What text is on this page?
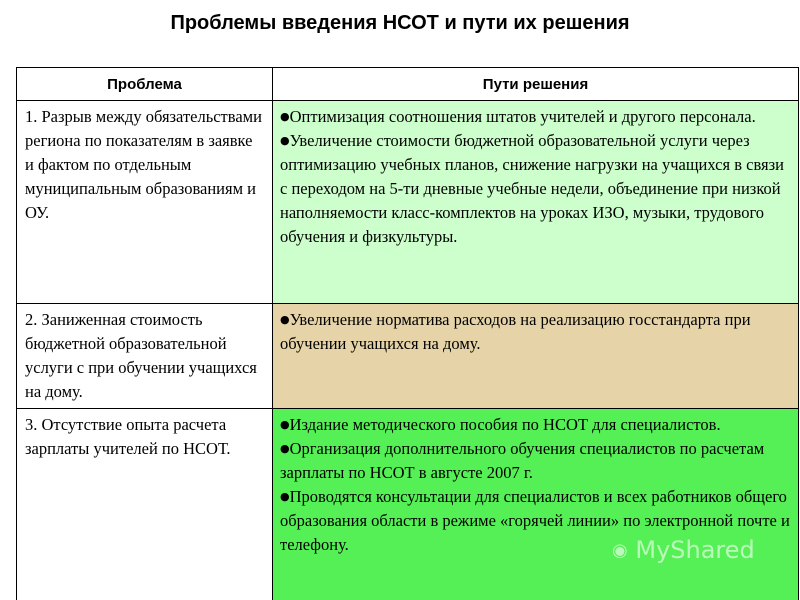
Проблемы введения НСОТ и пути их решения
Проблема	Пути решения
1. Разрыв между обязательствами региона по показателям в заявке и фактом по отдельным муниципальным образованиям и ОУ.	●Оптимизация соотношения штатов учителей и другого персонала.
●Увеличение стоимости бюджетной образовательной услуги через оптимизацию учебных планов, снижение нагрузки на учащихся в связи с переходом на 5-ти дневные учебные недели, объединение при низкой наполняемости класс-комплектов на уроках ИЗО, музыки, трудового обучения и физкультуры.

2. Заниженная стоимость бюджетной образовательной услуги с при обучении учащихся на дому.	●Увеличение норматива расходов на реализацию госстандарта при обучении учащихся на дому.

3. Отсутствие опыта расчета зарплаты учителей по НСОТ.	●Издание методического пособия по НСОТ для специалистов.
●Организация дополнительного обучения специалистов по расчетам зарплаты по НСОТ в августе 2007 г.
●Проводятся консультации для специалистов и всех работников общего образования области в режиме «горячей линии» по электронной почте и телефону.	◉ MyShared
